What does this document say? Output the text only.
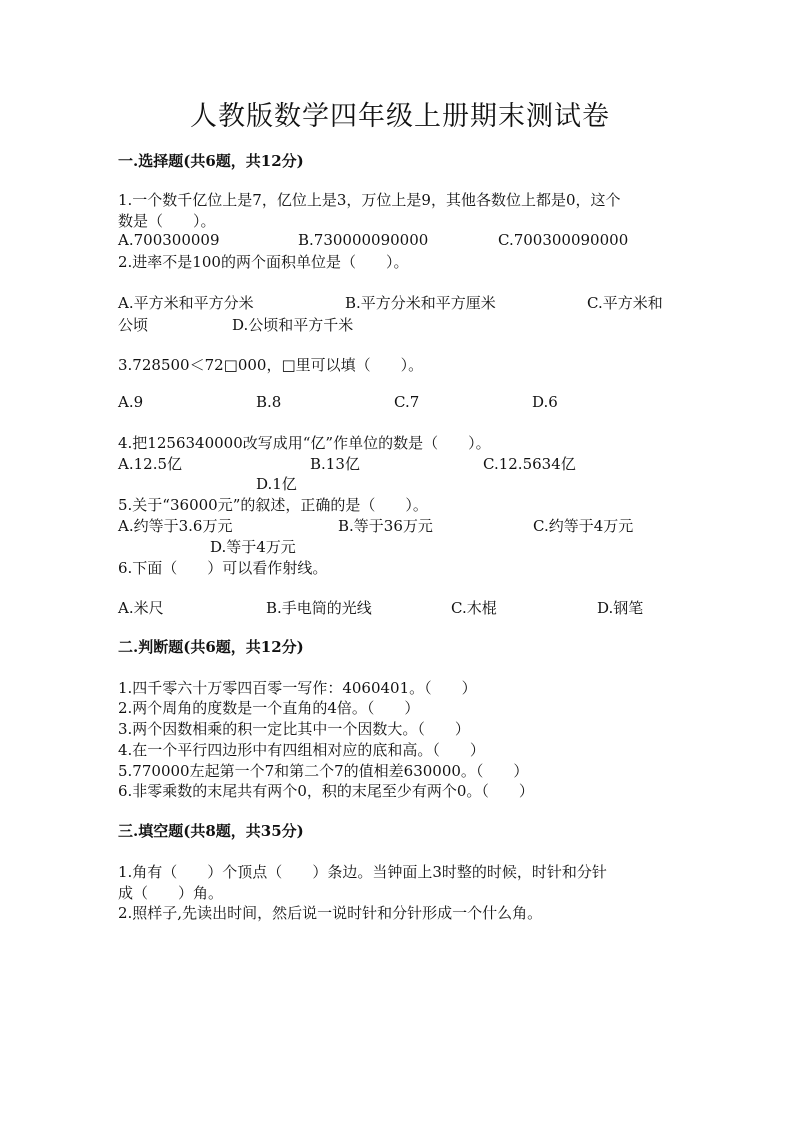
人教版数学四年级上册期末测试卷
一.选择题(共6题，共12分)
1.一个数千亿位上是7，亿位上是3，万位上是9，其他各数位上都是0，这个
数是（　　）。
A.700300009	B.730000090000	C.700300090000
2.进率不是100的两个面积单位是（　　）。
A.平方米和平方分米	B.平方分米和平方厘米	C.平方米和
公顷	D.公顷和平方千米
3.728500＜72□000，□里可以填（　　）。
A.9	B.8	C.7	D.6
4.把1256340000改写成用“亿”作单位的数是（　　）。
A.12.5亿	B.13亿	C.12.5634亿
D.1亿
5.关于“36000元”的叙述，正确的是（　　）。
A.约等于3.6万元	B.等于36万元	C.约等于4万元
D.等于4万元
6.下面（　　）可以看作射线。
A.米尺	B.手电筒的光线	C.木棍	D.钢笔
二.判断题(共6题，共12分)
1.四千零六十万零四百零一写作：4060401。（　　）
2.两个周角的度数是一个直角的4倍。（　　）
3.两个因数相乘的积一定比其中一个因数大。（　　）
4.在一个平行四边形中有四组相对应的底和高。（　　）
5.770000左起第一个7和第二个7的值相差630000。（　　）
6.非零乘数的末尾共有两个0，积的末尾至少有两个0。（　　）
三.填空题(共8题，共35分)
1.角有（　　）个顶点（　　）条边。当钟面上3时整的时候，时针和分针
成（　　）角。
2.照样子,先读出时间，然后说一说时针和分针形成一个什么角。
